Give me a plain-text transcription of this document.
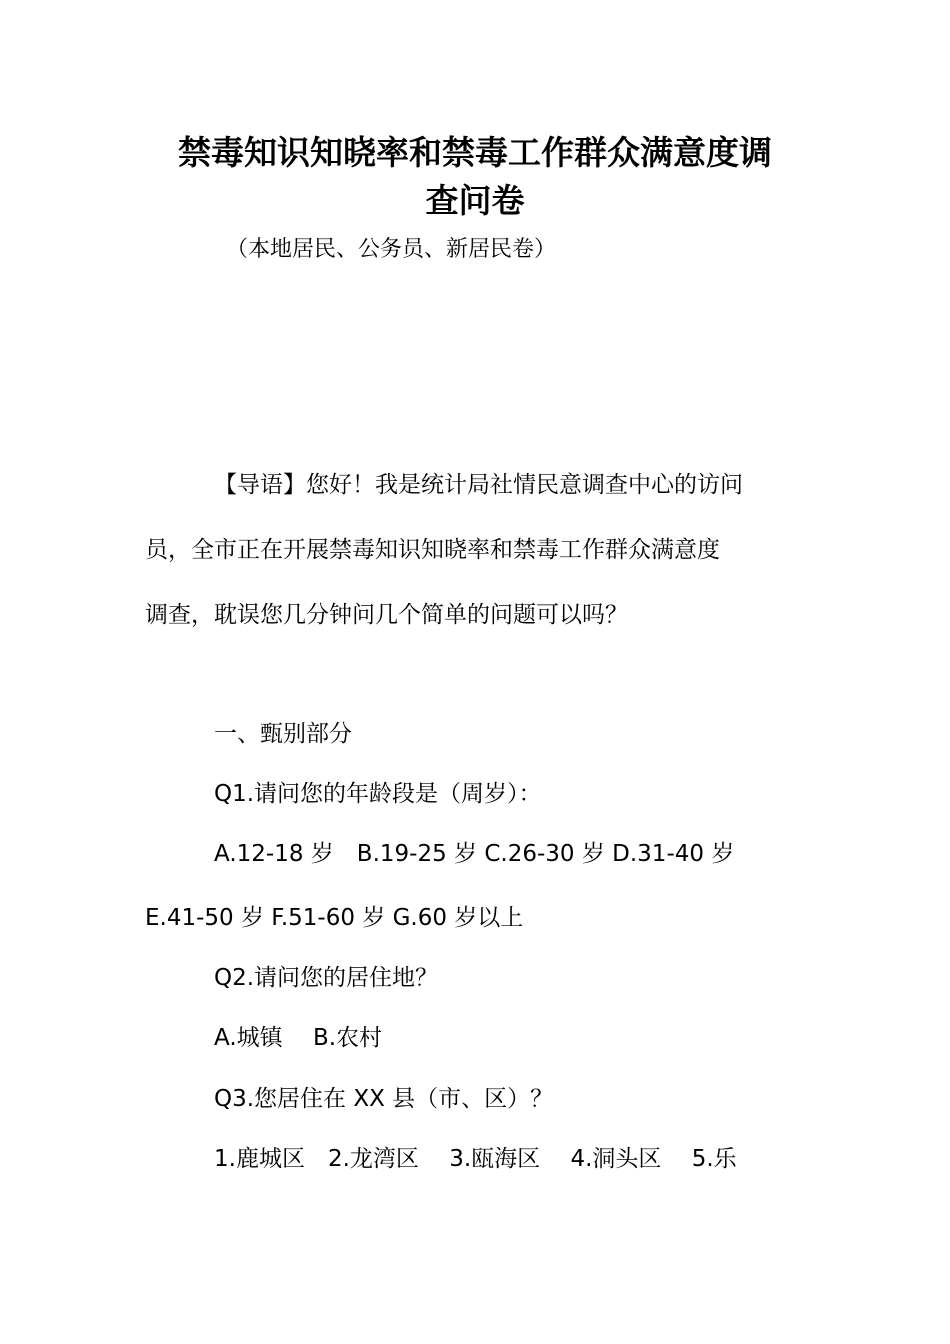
禁毒知识知晓率和禁毒工作群众满意度调
查问卷
（本地居民、公务员、新居民卷）
【导语】您好！我是统计局社情民意调查中心的访问
员，全市正在开展禁毒知识知晓率和禁毒工作群众满意度
调查，耽误您几分钟问几个简单的问题可以吗？
一、甄别部分
Q1.请问您的年龄段是（周岁）：
A.12-18 岁　B.19-25 岁 C.26-30 岁 D.31-40 岁
E.41-50 岁 F.51-60 岁 G.60 岁以上
Q2.请问您的居住地？
A.城镇　 B.农村
Q3.您居住在 XX 县（市、区）？
1.鹿城区　2.龙湾区　 3.瓯海区　 4.洞头区　 5.乐
